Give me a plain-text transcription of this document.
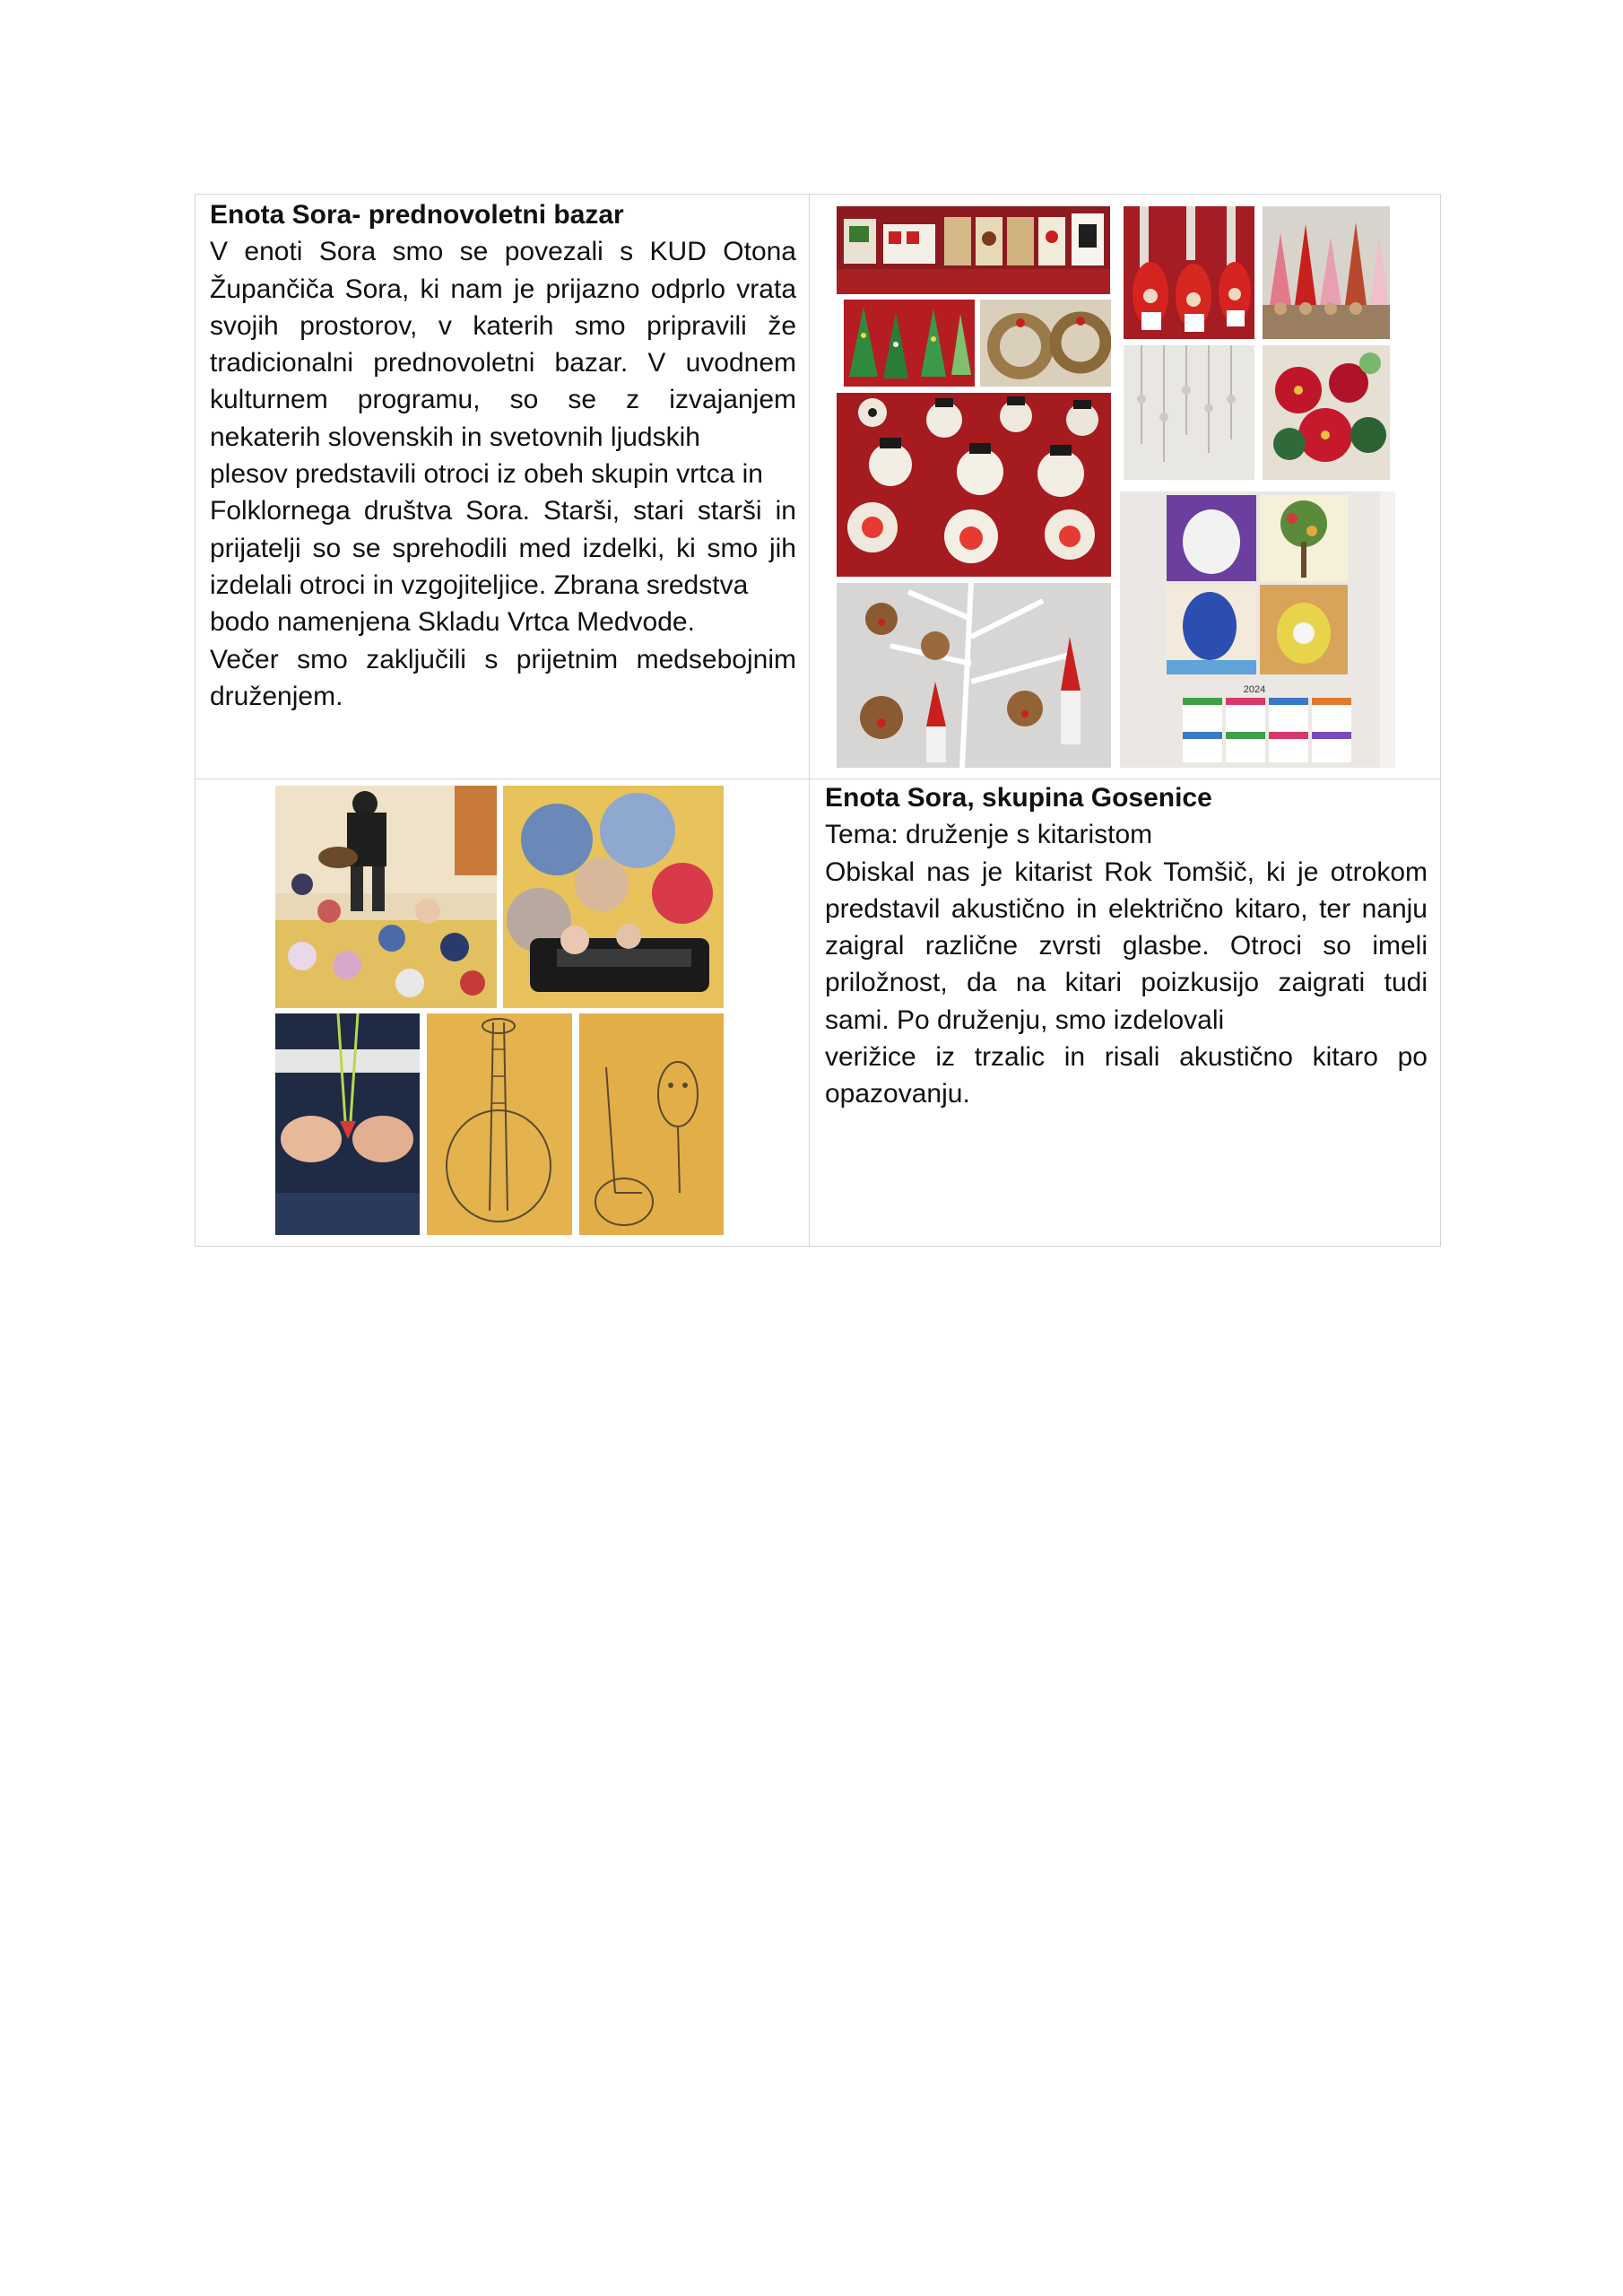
Enota Sora- prednovoletni bazar

V enoti Sora smo se povezali s KUD Otona Župančiča Sora, ki nam je prijazno odprlo vrata svojih prostorov, v katerih smo pripravili že tradicionalni prednovoletni bazar. V uvodnem kulturnem programu, so se z izvajanjem nekaterih slovenskih in svetovnih ljudskih

plesov predstavili otroci iz obeh skupin vrtca in

Folklornega društva Sora. Starši, stari starši in prijatelji so se sprehodili med izdelki, ki smo jih izdelali otroci in vzgojiteljice. Zbrana sredstva

bodo namenjena Skladu Vrtca Medvode.

Večer smo zaključili s prijetnim medsebojnim druženjem.	2024

Enota Sora, skupina Gosenice

Tema: druženje s kitaristom

Obiskal nas je kitarist Rok Tomšič, ki je otrokom predstavil akustično in električno kitaro, ter nanju zaigral različne zvrsti glasbe. Otroci so imeli priložnost, da na kitari poizkusijo zaigrati tudi sami. Po druženju, smo izdelovali

verižice iz trzalic in risali akustično kitaro po opazovanju.
